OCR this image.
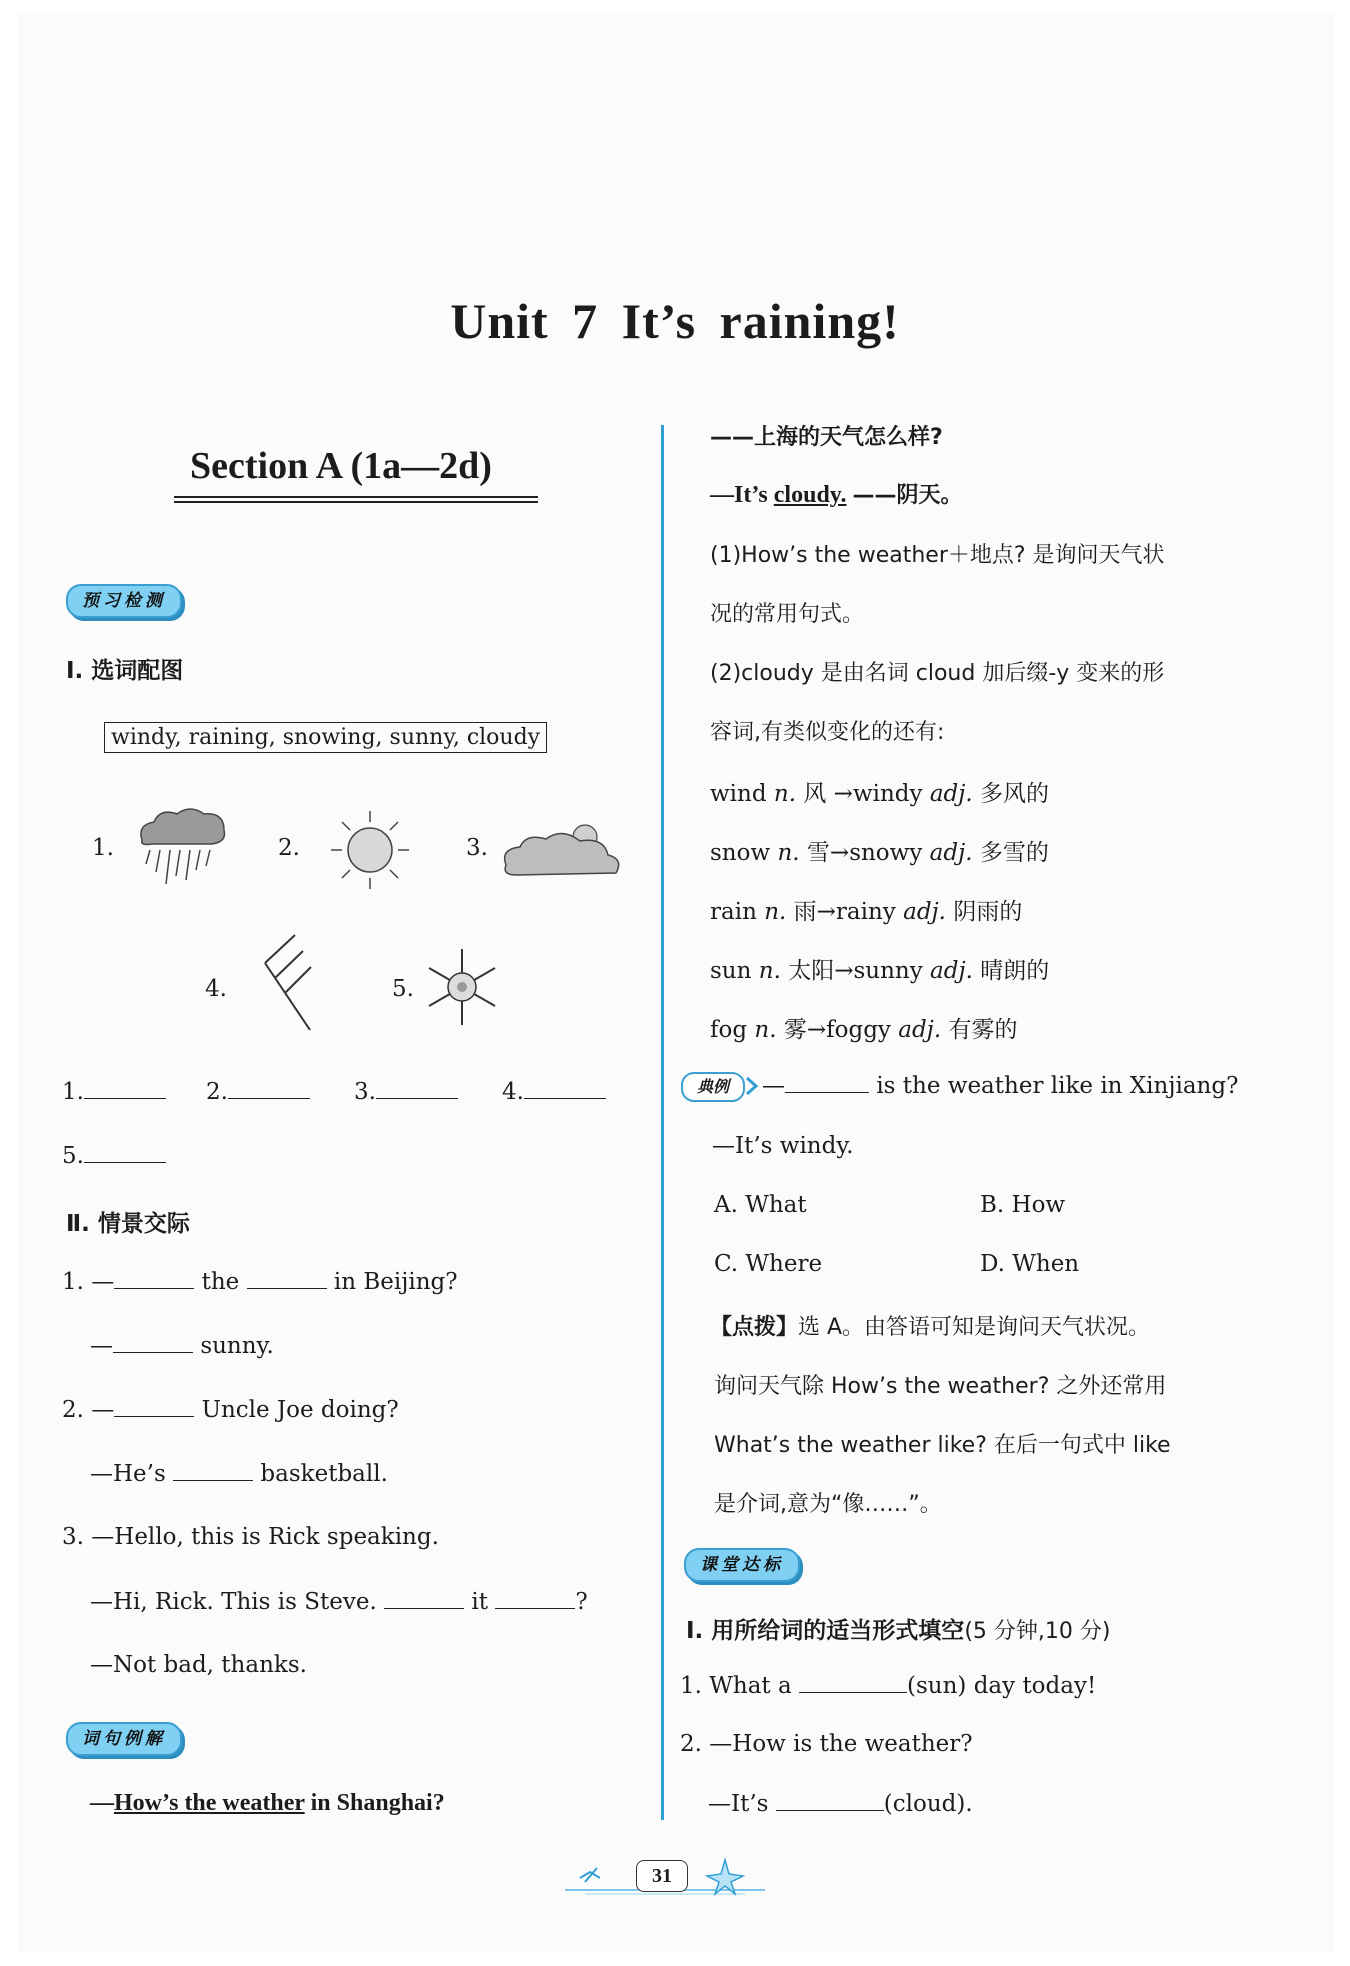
Unit 7 It’s raining!
Section A (1a—2d)
预习检测
Ⅰ. 选词配图
windy, raining, snowing, sunny, cloudy
1.	2.	3.
4.	5.
1.	2.	3.	4.
5.
Ⅱ. 情景交际
1. —	the	in Beijing?
—	sunny.
2. —	Uncle Joe doing?
—He’s	basketball.
3. —Hello, this is Rick speaking.
—Hi, Rick. This is Steve.	it	?
—Not bad, thanks.
词句例解
—How’s the weather in Shanghai?
——上海的天气怎么样?
—It’s cloudy. ——阴天。
(1)How’s the weather＋地点? 是询问天气状
况的常用句式。
(2)cloudy 是由名词 cloud 加后缀-y 变来的形
容词,有类似变化的还有:
wind n. 风 →windy adj. 多风的
snow n. 雪→snowy adj. 多雪的
rain n. 雨→rainy adj. 阴雨的
sun n. 太阳→sunny adj. 晴朗的
fog n. 雾→foggy adj. 有雾的
典例	—	is the weather like in Xinjiang?
—It’s windy.
A. What	B. How
C. Where	D. When
【点拨】选 A。由答语可知是询问天气状况。
询问天气除 How’s the weather? 之外还常用
What’s the weather like? 在后一句式中 like
是介词,意为“像……”。
课堂达标
Ⅰ. 用所给词的适当形式填空(5 分钟,10 分)
1. What a	(sun) day today!
2. —How is the weather?
—It’s	(cloud).
31
